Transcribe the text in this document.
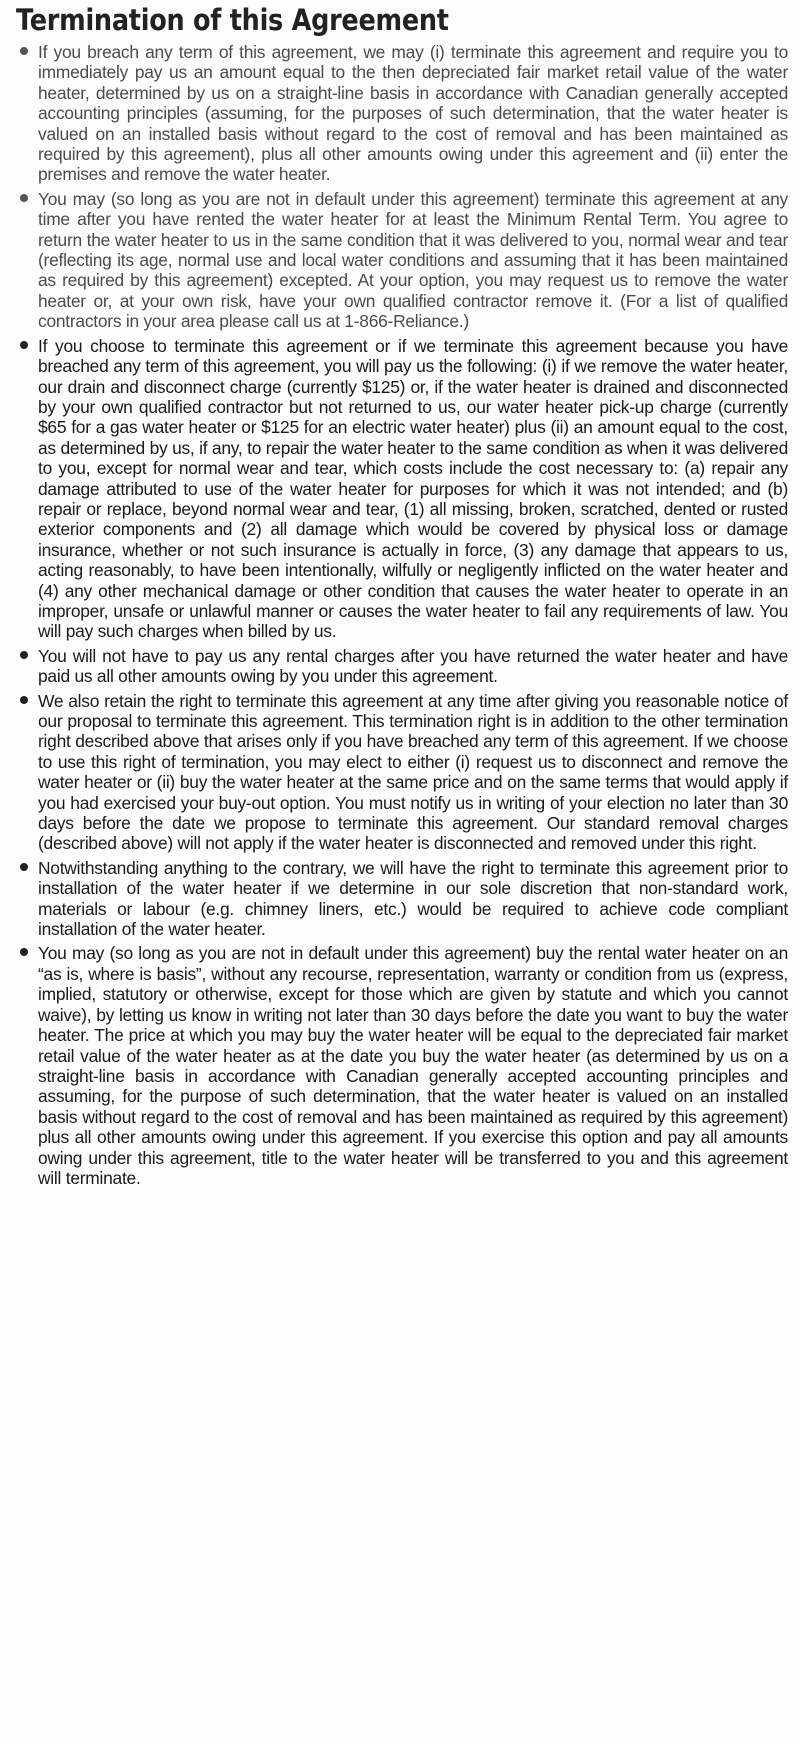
Termination of this Agreement
If you breach any term of this agreement, we may (i) terminate this agreement and require you to immediately pay us an amount equal to the then depreciated fair market retail value of the water heater, determined by us on a straight-line basis in accordance with Canadian generally accepted accounting principles (assuming, for the purposes of such determination, that the water heater is valued on an installed basis without regard to the cost of removal and has been maintained as required by this agreement), plus all other amounts owing under this agreement and (ii) enter the premises and remove the water heater.
You may (so long as you are not in default under this agreement) terminate this agreement at any time after you have rented the water heater for at least the Minimum Rental Term. You agree to return the water heater to us in the same condition that it was delivered to you, normal wear and tear (reflecting its age, normal use and local water conditions and assuming that it has been maintained as required by this agreement) excepted. At your option, you may request us to remove the water heater or, at your own risk, have your own qualified contractor remove it. (For a list of qualified contractors in your area please call us at 1-866-Reliance.)
If you choose to terminate this agreement or if we terminate this agreement because you have breached any term of this agreement, you will pay us the following: (i) if we remove the water heater, our drain and disconnect charge (currently $125) or, if the water heater is drained and disconnected by your own qualified contractor but not returned to us, our water heater pick-up charge (currently $65 for a gas water heater or $125 for an electric water heater) plus (ii) an amount equal to the cost, as determined by us, if any, to repair the water heater to the same condition as when it was delivered to you, except for normal wear and tear, which costs include the cost necessary to: (a) repair any damage attributed to use of the water heater for purposes for which it was not intended; and (b) repair or replace, beyond normal wear and tear, (1) all missing, broken, scratched, dented or rusted exterior components and (2) all damage which would be covered by physical loss or damage insurance, whether or not such insurance is actually in force, (3) any damage that appears to us, acting reasonably, to have been intentionally, wilfully or negligently inflicted on the water heater and (4) any other mechanical damage or other condition that causes the water heater to operate in an improper, unsafe or unlawful manner or causes the water heater to fail any requirements of law. You will pay such charges when billed by us.
You will not have to pay us any rental charges after you have returned the water heater and have paid us all other amounts owing by you under this agreement.
We also retain the right to terminate this agreement at any time after giving you reasonable notice of our proposal to terminate this agreement. This termination right is in addition to the other termination right described above that arises only if you have breached any term of this agreement. If we choose to use this right of termination, you may elect to either (i) request us to disconnect and remove the water heater or (ii) buy the water heater at the same price and on the same terms that would apply if you had exercised your buy-out option. You must notify us in writing of your election no later than 30 days before the date we propose to terminate this agreement. Our standard removal charges (described above) will not apply if the water heater is disconnected and removed under this right.
Notwithstanding anything to the contrary, we will have the right to terminate this agreement prior to installation of the water heater if we determine in our sole discretion that non-standard work, materials or labour (e.g. chimney liners, etc.) would be required to achieve code compliant installation of the water heater.
You may (so long as you are not in default under this agreement) buy the rental water heater on an “as is, where is basis”, without any recourse, representation, warranty or condition from us (express, implied, statutory or otherwise, except for those which are given by statute and which you cannot waive), by letting us know in writing not later than 30 days before the date you want to buy the water heater. The price at which you may buy the water heater will be equal to the depreciated fair market retail value of the water heater as at the date you buy the water heater (as determined by us on a straight-line basis in accordance with Canadian generally accepted accounting principles and assuming, for the purpose of such determination, that the water heater is valued on an installed basis without regard to the cost of removal and has been maintained as required by this agreement) plus all other amounts owing under this agreement. If you exercise this option and pay all amounts owing under this agreement, title to the water heater will be transferred to you and this agreement will terminate.
